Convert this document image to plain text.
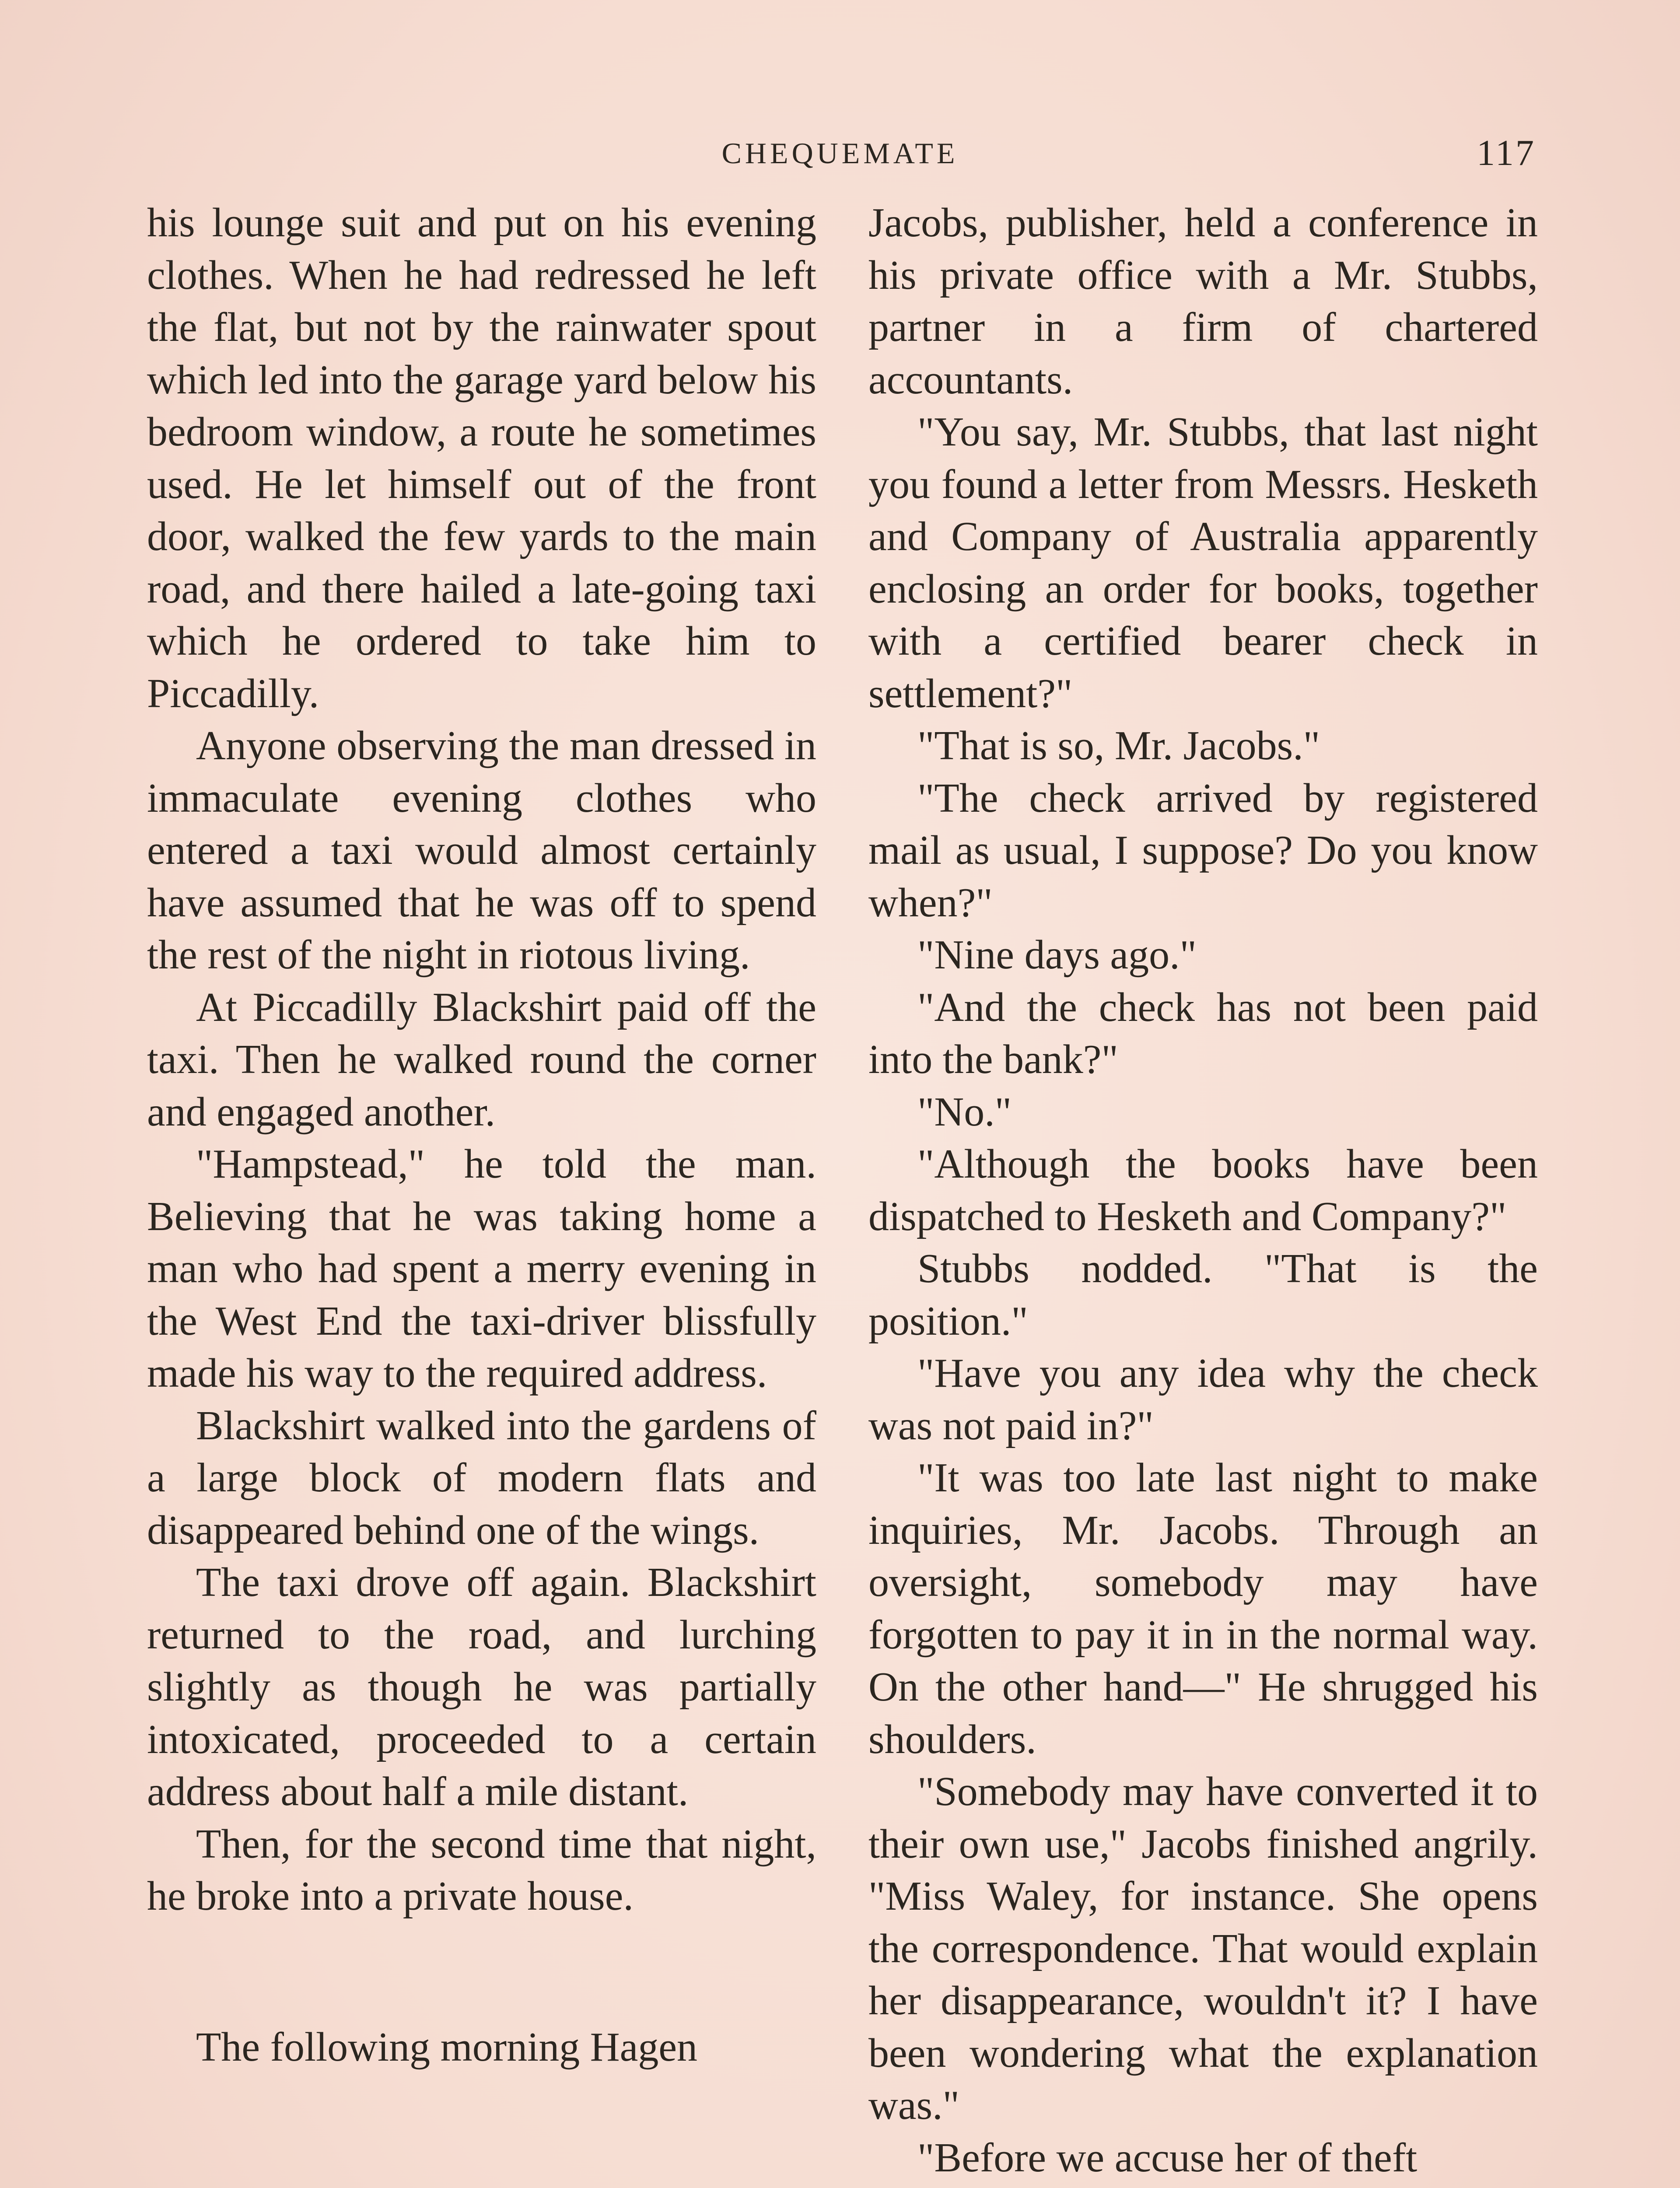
CHEQUEMATE	117

his lounge suit and put on his evening clothes. When he had redressed he left the flat, but not by the rainwater spout which led into the garage yard below his bedroom window, a route he sometimes used. He let himself out of the front door, walked the few yards to the main road, and there hailed a late-going taxi which he ordered to take him to Piccadilly.

Anyone observing the man dressed in immaculate evening clothes who entered a taxi would almost certainly have assumed that he was off to spend the rest of the night in riotous living.

At Piccadilly Blackshirt paid off the taxi. Then he walked round the corner and engaged another.

"Hampstead," he told the man. Believing that he was taking home a man who had spent a merry evening in the West End the taxi-driver blissfully made his way to the required address.

Blackshirt walked into the gardens of a large block of modern flats and disappeared behind one of the wings.

The taxi drove off again. Blackshirt returned to the road, and lurching slightly as though he was partially intoxicated, proceeded to a certain address about half a mile distant.

Then, for the second time that night, he broke into a private house.

The following morning Hagen

Jacobs, publisher, held a conference in his private office with a Mr. Stubbs, partner in a firm of chartered accountants.

"You say, Mr. Stubbs, that last night you found a letter from Messrs. Hesketh and Company of Australia apparently enclosing an order for books, together with a certified bearer check in settlement?"

"That is so, Mr. Jacobs."

"The check arrived by registered mail as usual, I suppose? Do you know when?"

"Nine days ago."

"And the check has not been paid into the bank?"

"No."

"Although the books have been dispatched to Hesketh and Company?"

Stubbs nodded. "That is the position."

"Have you any idea why the check was not paid in?"

"It was too late last night to make inquiries, Mr. Jacobs. Through an oversight, somebody may have forgotten to pay it in in the normal way. On the other hand—" He shrugged his shoulders.

"Somebody may have converted it to their own use," Jacobs finished angrily. "Miss Waley, for instance. She opens the correspondence. That would explain her disappearance, wouldn't it? I have been wondering what the explanation was."

"Before we accuse her of theft
